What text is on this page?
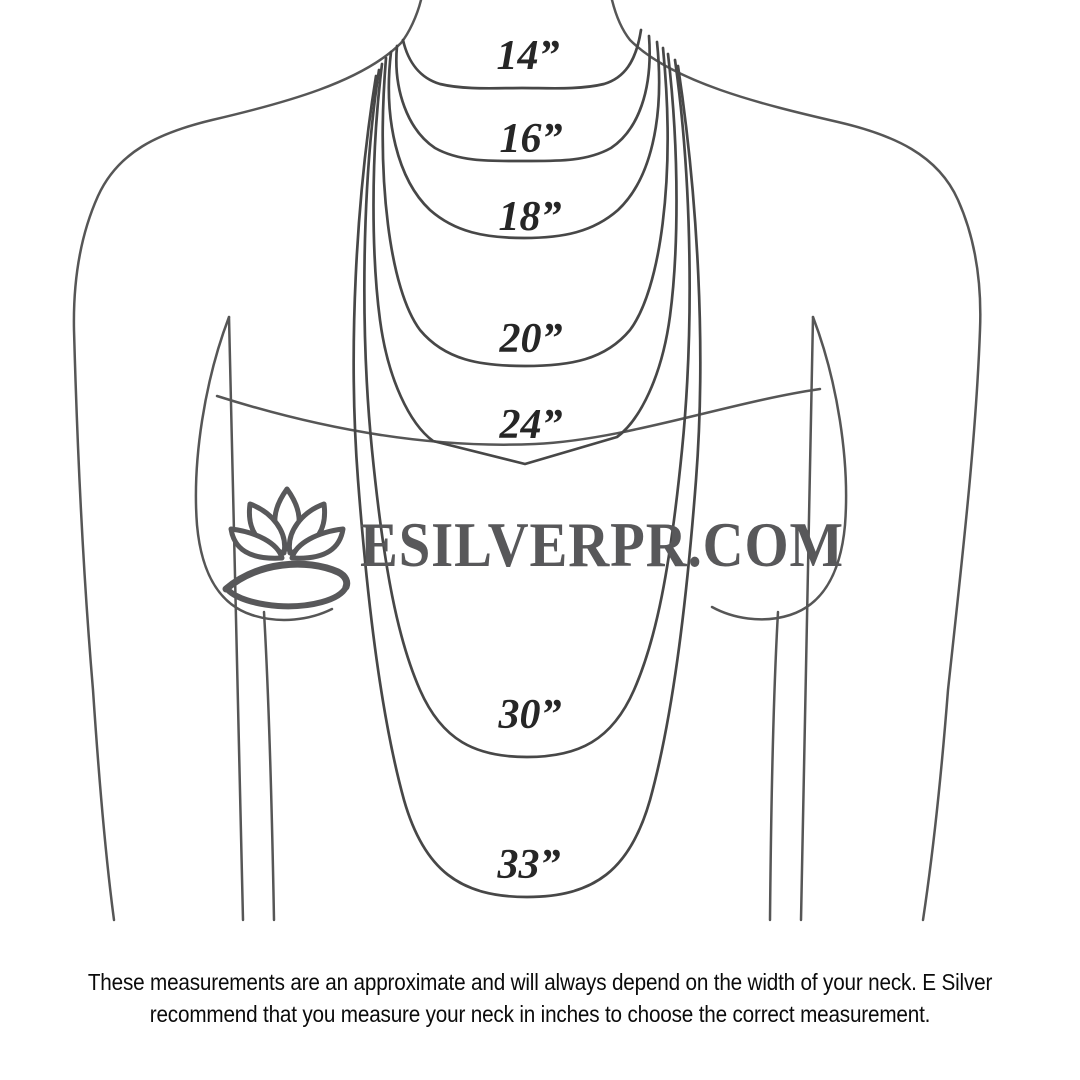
14”
16”
18”
20”
24”
30”
33”
ESILVERPR.COM
These measurements are an approximate and will always depend on the width of your neck. E Silver
recommend that you measure your neck in inches to choose the correct measurement.
